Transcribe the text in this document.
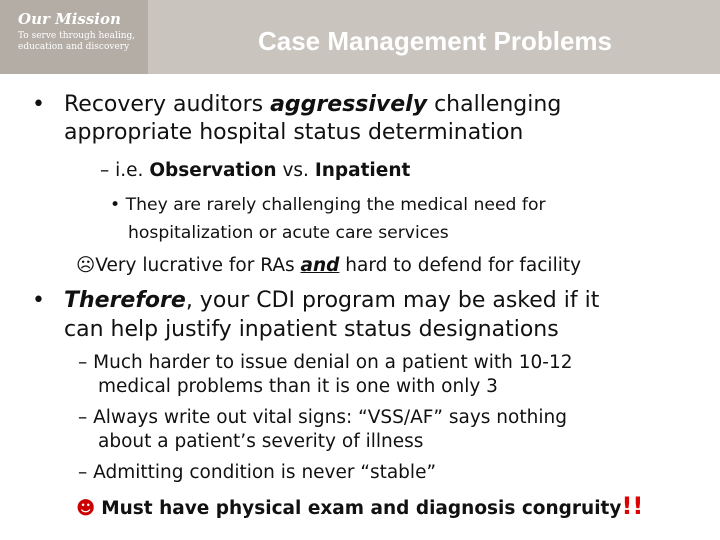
Our Mission
To serve through healing, education and discovery	Case Management Problems
• Recovery auditors aggressively challenging
appropriate hospital status determination
– i.e. Observation vs. Inpatient
• They are rarely challenging the medical need for
hospitalization or acute care services
☹Very lucrative for RAs and hard to defend for facility
• Therefore, your CDI program may be asked if it
can help justify inpatient status designations
– Much harder to issue denial on a patient with 10-12
medical problems than it is one with only 3
– Always write out vital signs: “VSS/AF” says nothing
about a patient’s severity of illness
– Admitting condition is never “stable”
☻ Must have physical exam and diagnosis congruity!!
